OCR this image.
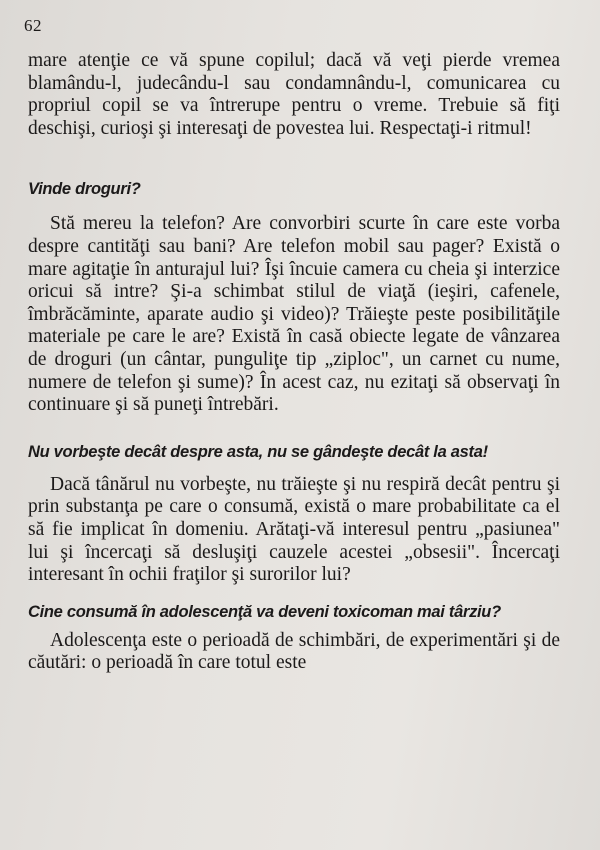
62

mare atenţie ce vă spune copilul; dacă vă veţi pierde vremea blamându-l, judecându-l sau condamnându-l, comunicarea cu propriul copil se va întrerupe pentru o vreme. Trebuie să fiţi deschişi, curioşi şi interesaţi de povestea lui. Respectaţi-i ritmul!

Vinde droguri?

Stă mereu la telefon? Are convorbiri scurte în care este vorba despre cantităţi sau bani? Are telefon mobil sau pager? Există o mare agitaţie în anturajul lui? Îşi încuie camera cu cheia şi interzice oricui să intre? Şi-a schimbat stilul de viaţă (ieşiri, cafenele, îmbrăcăminte, aparate audio şi video)? Trăieşte peste posibilităţile materiale pe care le are? Există în casă obiecte legate de vânzarea de droguri (un cântar, punguliţe tip „ziploc", un carnet cu nume, numere de telefon şi sume)? În acest caz, nu ezitaţi să observaţi în continuare şi să puneţi întrebări.

Nu vorbeşte decât despre asta, nu se gândeşte decât la asta!

Dacă tânărul nu vorbeşte, nu trăieşte şi nu respiră decât pentru şi prin substanţa pe care o consumă, există o mare probabilitate ca el să fie implicat în domeniu. Arătaţi-vă interesul pentru „pasiunea" lui şi încercaţi să desluşiţi cauzele acestei „obsesii". Încercaţi interesant în ochii fraţilor şi surorilor lui?

Cine consumă în adolescenţă va deveni toxicoman mai târziu?

Adolescenţa este o perioadă de schimbări, de experimentări şi de căutări: o perioadă în care totul este
